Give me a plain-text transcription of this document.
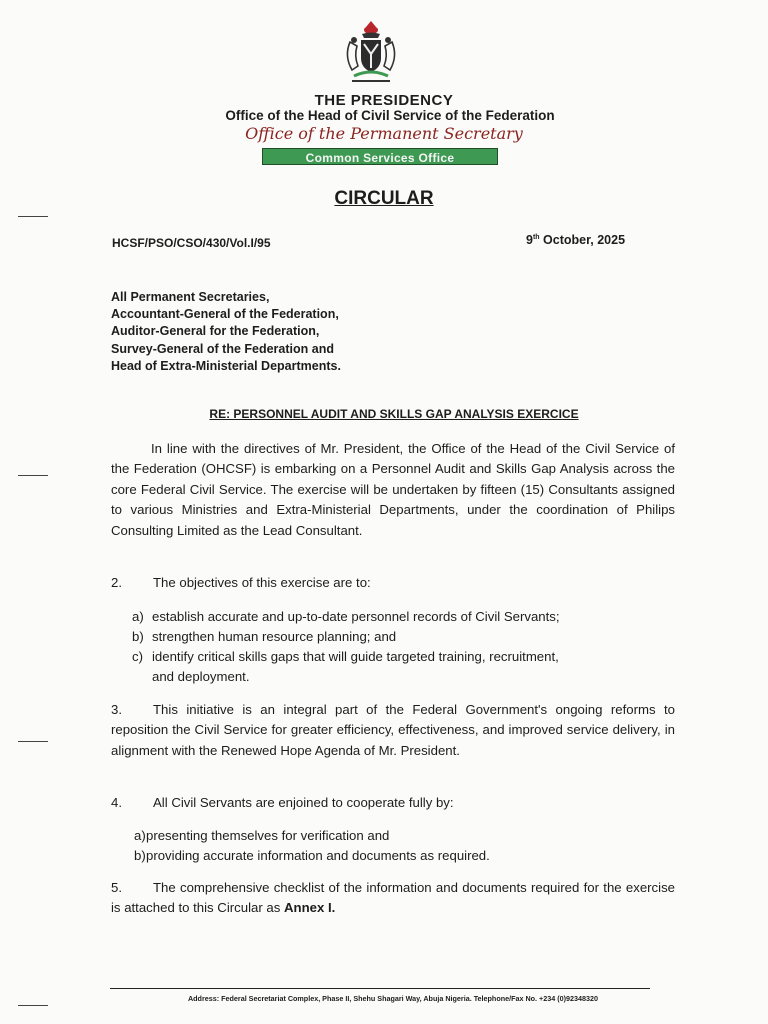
THE PRESIDENCY
Office of the Head of Civil Service of the Federation
Office of the Permanent Secretary
Common Services Office
CIRCULAR
HCSF/PSO/CSO/430/Vol.I/95	9th October, 2025
All Permanent Secretaries,
Accountant-General of the Federation,
Auditor-General for the Federation,
Survey-General of the Federation and
Head of Extra-Ministerial Departments.
RE: PERSONNEL AUDIT AND SKILLS GAP ANALYSIS EXERCICE
In line with the directives of Mr. President, the Office of the Head of the Civil Service of the Federation (OHCSF) is embarking on a Personnel Audit and Skills Gap Analysis across the core Federal Civil Service. The exercise will be undertaken by fifteen (15) Consultants assigned to various Ministries and Extra-Ministerial Departments, under the coordination of Philips Consulting Limited as the Lead Consultant.
2. The objectives of this exercise are to:
a) establish accurate and up-to-date personnel records of Civil Servants;
b) strengthen human resource planning; and
c) identify critical skills gaps that will guide targeted training, recruitment,
and deployment.
3. This initiative is an integral part of the Federal Government's ongoing reforms to reposition the Civil Service for greater efficiency, effectiveness, and improved service delivery, in alignment with the Renewed Hope Agenda of Mr. President.
4. All Civil Servants are enjoined to cooperate fully by:
a)presenting themselves for verification and
b)providing accurate information and documents as required.
5. The comprehensive checklist of the information and documents required for the exercise is attached to this Circular as Annex I.
Address: Federal Secretariat Complex, Phase II, Shehu Shagari Way, Abuja Nigeria. Telephone/Fax No. +234 (0)92348320
